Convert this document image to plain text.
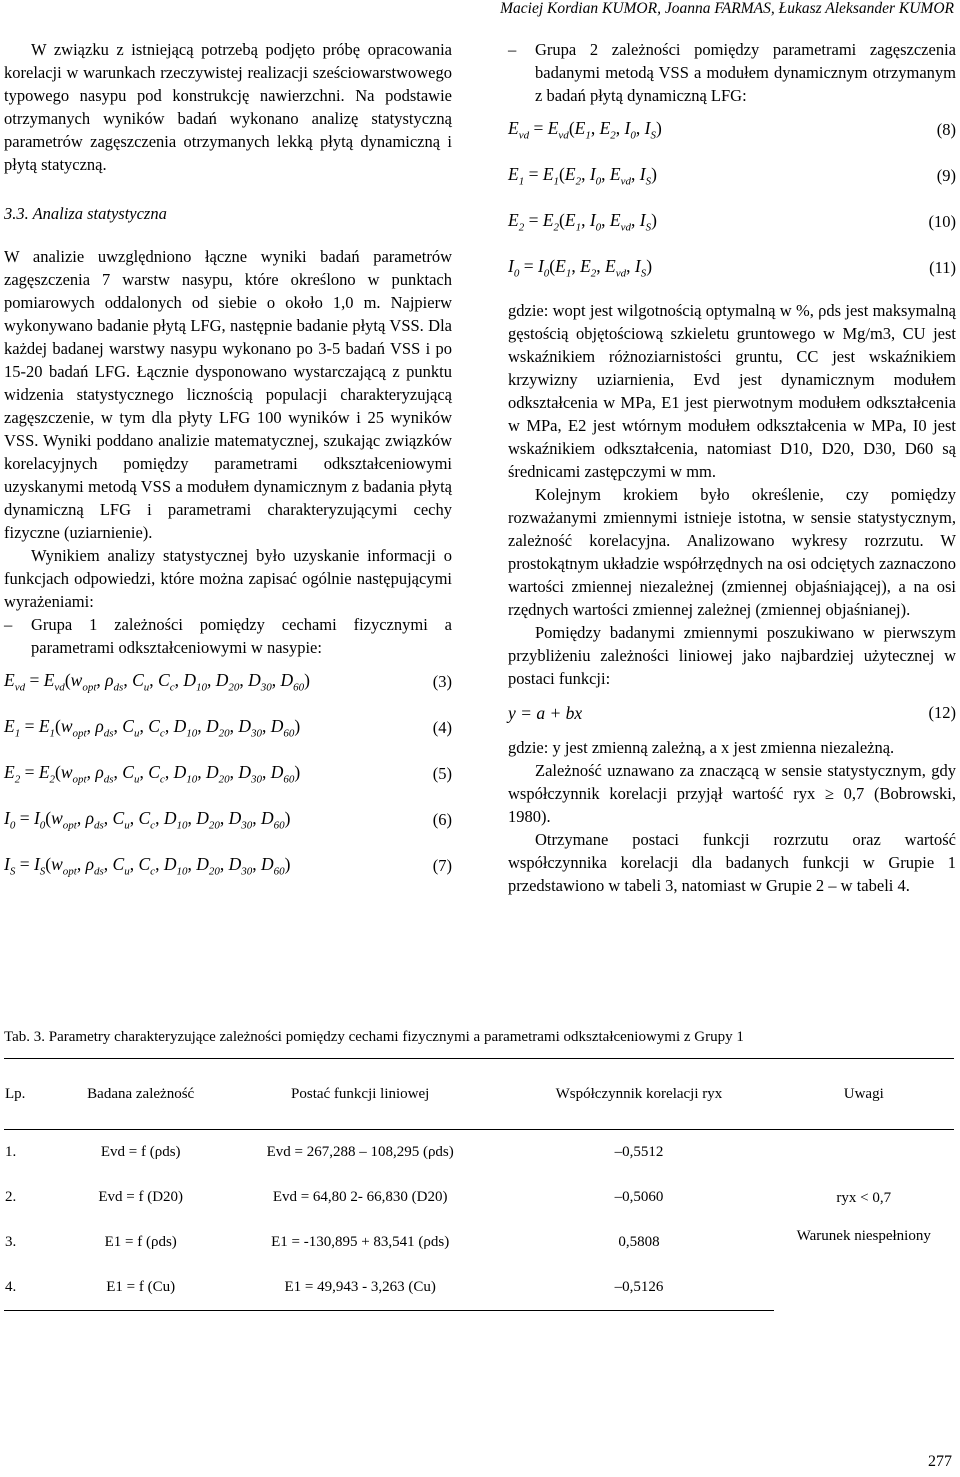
Maciej Kordian KUMOR, Joanna FARMAS, Łukasz Aleksander KUMOR

W związku z istniejącą potrzebą podjęto próbę opracowania korelacji w warunkach rzeczywistej realizacji sześciowarstwowego typowego nasypu pod konstrukcję nawierzchni. Na podstawie otrzymanych wyników badań wykonano analizę statystyczną parametrów zagęszczenia otrzymanych lekką płytą dynamiczną i płytą statyczną.

3.3. Analiza statystyczna

W analizie uwzględniono łączne wyniki badań parametrów zagęszczenia 7 warstw nasypu, które określono w punktach pomiarowych oddalonych od siebie o około 1,0 m. Najpierw wykonywano badanie płytą LFG, następnie badanie płytą VSS. Dla każdej badanej warstwy nasypu wykonano po 3-5 badań VSS i po 15-20 badań LFG. Łącznie dysponowano wystarczającą z punktu widzenia statystycznego licznością populacji charakteryzującą zagęszczenie, w tym dla płyty LFG 100 wyników i 25 wyników VSS. Wyniki poddano analizie matematycznej, szukając związków korelacyjnych pomiędzy parametrami odkształceniowymi uzyskanymi metodą VSS a modułem dynamicznym z badania płytą dynamiczną LFG i parametrami charakteryzującymi cechy fizyczne (uziarnienie).

Wynikiem analizy statystycznej było uzyskanie informacji o funkcjach odpowiedzi, które można zapisać ogólnie następującymi wyrażeniami:

– Grupa 1 zależności pomiędzy cechami fizycznymi a parametrami odkształceniowymi w nasypie:

$E_{vd} = E_{vd}(w_{opt}$, $\rho_{ds}$, $C_u$, $C_c$, $D_{10}$, $D_{20}$, $D_{30}$, $D_{60}$)	(3)
$E_1 = E_1(w_{opt}$, $\rho_{ds}$, $C_u$, $C_c$, $D_{10}$, $D_{20}$, $D_{30}$, $D_{60}$)	(4)
$E_2 = E_2(w_{opt}$, $\rho_{ds}$, $C_u$, $C_c$, $D_{10}$, $D_{20}$, $D_{30}$, $D_{60}$)	(5)
$I_0 = I_0(w_{opt}$, $\rho_{ds}$, $C_u$, $C_c$, $D_{10}$, $D_{20}$, $D_{30}$, $D_{60}$)	(6)
$I_S = I_S(w_{opt}$, $\rho_{ds}$, $C_u$, $C_c$, $D_{10}$, $D_{20}$, $D_{30}$, $D_{60}$)	(7)

– Grupa 2 zależności pomiędzy parametrami zagęszczenia badanymi metodą VSS a modułem dynamicznym otrzymanym z badań płytą dynamiczną LFG:

$E_{vd} = E_{vd}(E_1$, $E_2$, $I_0$, $I_S$)	(8)
$E_1 = E_1(E_2$, $I_0$, $E_{vd}$, $I_S$)	(9)
$E_2 = E_2(E_1$, $I_0$, $E_{vd}$, $I_S$)	(10)
$I_0 = I_0(E_1$, $E_2$, $E_{vd}$, $I_S$)	(11)

gdzie: wopt jest wilgotnością optymalną w %, ρds jest maksymalną gęstością objętościową szkieletu gruntowego w Mg/m3, CU jest wskaźnikiem różnoziarnistości gruntu, CC jest wskaźnikiem krzywizny uziarnienia, Evd jest dynamicznym modułem odkształcenia w MPa, E1 jest pierwotnym modułem odkształcenia w MPa, E2 jest wtórnym modułem odkształcenia w MPa, I0 jest wskaźnikiem odkształcenia, natomiast D10, D20, D30, D60 są średnicami zastępczymi w mm.

Kolejnym krokiem było określenie, czy pomiędzy rozważanymi zmiennymi istnieje istotna, w sensie statystycznym, zależność korelacyjna. Analizowano wykresy rozrzutu. W prostokątnym układzie współrzędnych na osi odciętych zaznaczono wartości zmiennej niezależnej (zmiennej objaśniającej), a na osi rzędnych wartości zmiennej zależnej (zmiennej objaśnianej).

Pomiędzy badanymi zmiennymi poszukiwano w pierwszym przybliżeniu zależności liniowej jako najbardziej użytecznej w postaci funkcji:

y = a + bx	(12)

gdzie: y jest zmienną zależną, a x jest zmienna niezależną.

Zależność uznawano za znaczącą w sensie statystycznym, gdy współczynnik korelacji przyjął wartość ryx ≥ 0,7 (Bobrowski, 1980).

Otrzymane postaci funkcji rozrzutu oraz wartość współczynnika korelacji dla badanych funkcji w Grupie 1 przedstawiono w tabeli 3, natomiast w Grupie 2 – w tabeli 4.

Tab. 3. Parametry charakteryzujące zależności pomiędzy cechami fizycznymi a parametrami odkształceniowymi z Grupy 1
Lp.	Badana zależność	Postać funkcji liniowej	Współczynnik korelacji ryx	Uwagi
1.	Evd = f (ρds)	Evd = 267,288 – 108,295 (ρds)	–0,5512	ryx < 0,7
Warunek niespełniony

2.	Evd = f (D20)	Evd = 64,80 2- 66,830 (D20)	–0,5060	
3.	E1 = f (ρds)	E1 = -130,895 + 83,541 (ρds)	0,5808	
4.	E1 = f (Cu)	E1 = 49,943 - 3,263 (Cu)	–0,5126	
277
